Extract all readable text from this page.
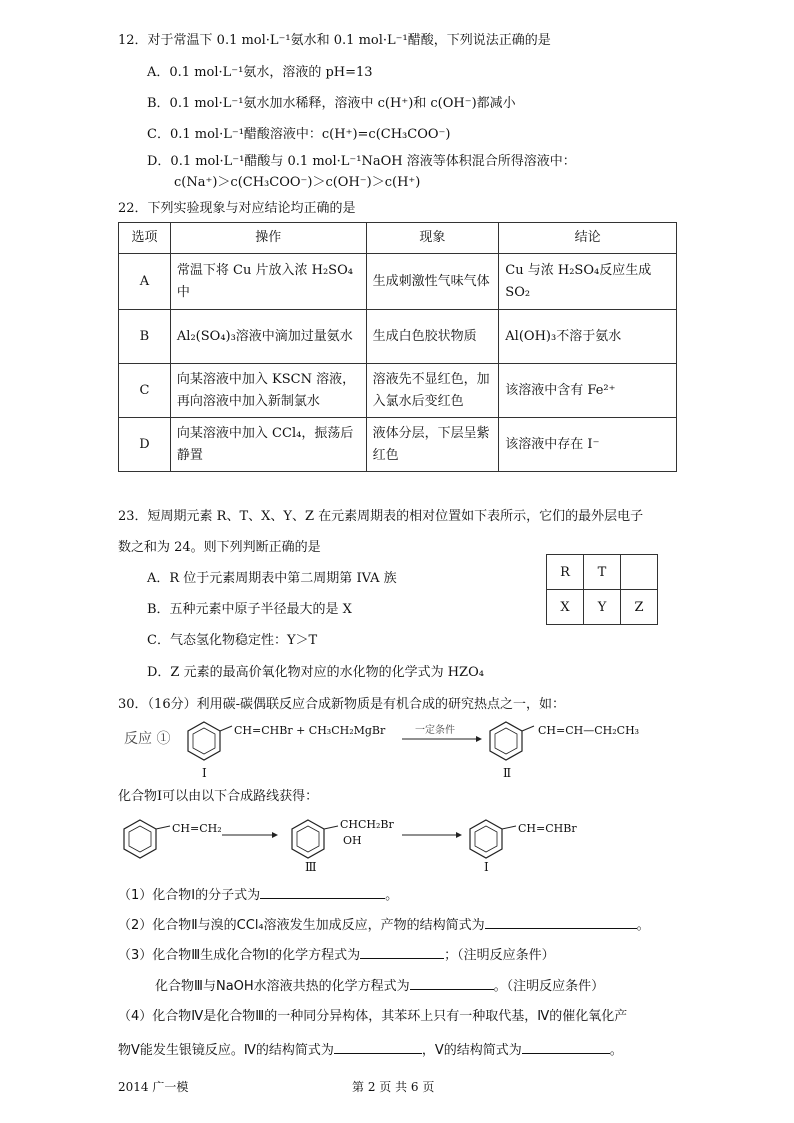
12．对于常温下 0.1 mol·L⁻¹氨水和 0.1 mol·L⁻¹醋酸，下列说法正确的是
A．0.1 mol·L⁻¹氨水，溶液的 pH=13
B．0.1 mol·L⁻¹氨水加水稀释，溶液中 c(H⁺)和 c(OH⁻)都减小
C．0.1 mol·L⁻¹醋酸溶液中：c(H⁺)=c(CH₃COO⁻)
D．0.1 mol·L⁻¹醋酸与 0.1 mol·L⁻¹NaOH 溶液等体积混合所得溶液中：
c(Na⁺)＞c(CH₃COO⁻)＞c(OH⁻)＞c(H⁺)
22．下列实验现象与对应结论均正确的是
选项	操作	现象	结论
A	常温下将 Cu 片放入浓 H₂SO₄中	生成刺激性气味气体	Cu 与浓 H₂SO₄反应生成 SO₂
B	Al₂(SO₄)₃溶液中滴加过量氨水	生成白色胶状物质	Al(OH)₃不溶于氨水
C	向某溶液中加入 KSCN 溶液，再向溶液中加入新制氯水	溶液先不显红色，加入氯水后变红色	该溶液中含有 Fe²⁺
D	向某溶液中加入 CCl₄，振荡后静置	液体分层，下层呈紫红色	该溶液中存在 I⁻
23．短周期元素 R、T、X、Y、Z 在元素周期表的相对位置如下表所示，它们的最外层电子
数之和为 24。则下列判断正确的是
A．R 位于元素周期表中第二周期第 IVA 族
B．五种元素中原子半径最大的是 X
C．气态氢化物稳定性：Y＞T
D．Z 元素的最高价氧化物对应的水化物的化学式为 HZO₄
R	T	
X	Y	Z
30．（16分）利用碳-碳偶联反应合成新物质是有机合成的研究热点之一，如：
反应 ①
CH=CHBr + CH₃CH₂MgBr
Ⅰ
一定条件	CH=CH—CH₂CH₃
Ⅱ
化合物Ⅰ可以由以下合成路线获得：
CH=CH₂	CHCH₂Br
OH
Ⅲ
CH=CHBr
Ⅰ
（1）化合物Ⅰ的分子式为	。
（2）化合物Ⅱ与溴的CCl₄溶液发生加成反应，产物的结构简式为	。
（3）化合物Ⅲ生成化合物Ⅰ的化学方程式为	；（注明反应条件）
化合物Ⅲ与NaOH水溶液共热的化学方程式为	。（注明反应条件）
（4）化合物Ⅳ是化合物Ⅲ的一种同分异构体，其苯环上只有一种取代基，Ⅳ的催化氧化产
物Ⅴ能发生银镜反应。Ⅳ的结构简式为	，Ⅴ的结构简式为	。
2014 广一模	第 2 页 共 6 页
